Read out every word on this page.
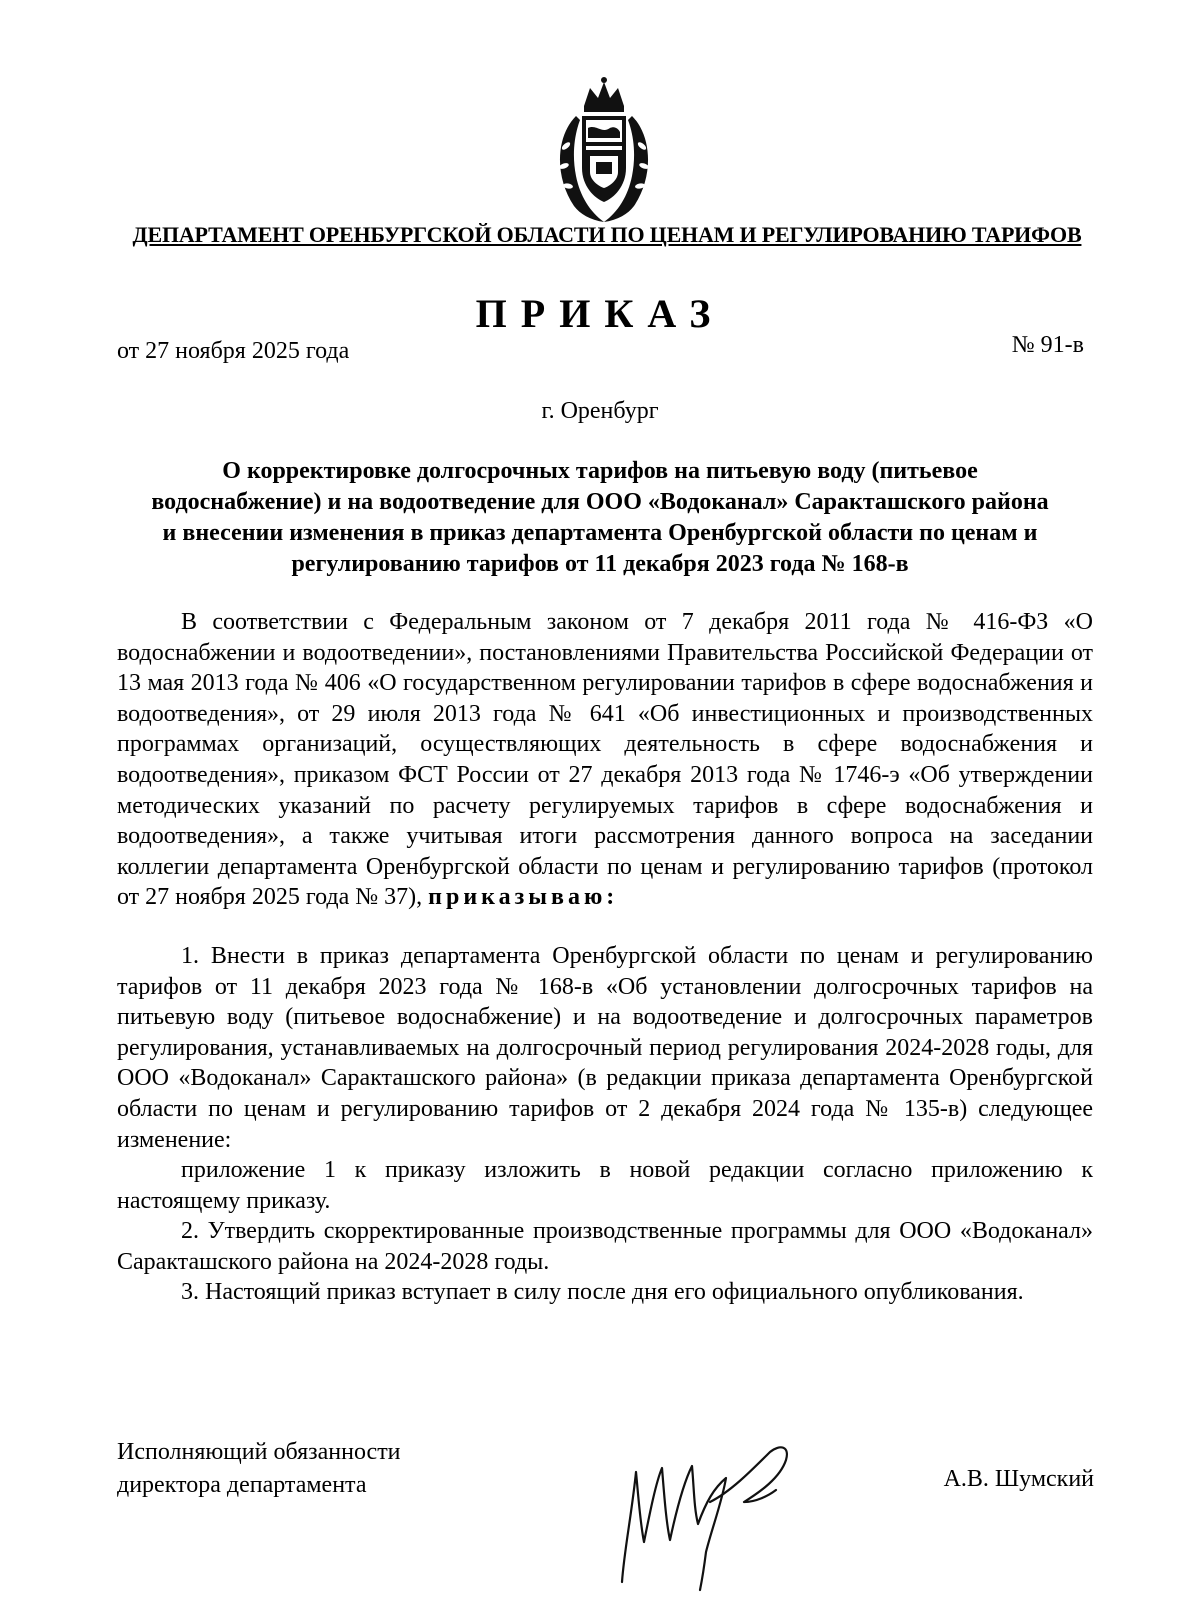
ДЕПАРТАМЕНТ ОРЕНБУРГСКОЙ ОБЛАСТИ ПО ЦЕНАМ И РЕГУЛИРОВАНИЮ ТАРИФОВ
ПРИКАЗ
от 27 ноября 2025 года	№ 91-в
г. Оренбург
О корректировке долгосрочных тарифов на питьевую воду (питьевое водоснабжение) и на водоотведение для ООО «Водоканал» Саракташского района и внесении изменения в приказ департамента Оренбургской области по ценам и регулированию тарифов от 11 декабря 2023 года № 168-в

В соответствии с Федеральным законом от 7 декабря 2011 года № 416-ФЗ «О водоснабжении и водоотведении», постановлениями Правительства Российской Федерации от 13 мая 2013 года № 406 «О государственном регулировании тарифов в сфере водоснабжения и водоотведения», от 29 июля 2013 года № 641 «Об инвестиционных и производственных программах организаций, осуществляющих деятельность в сфере водоснабжения и водоотведения», приказом ФСТ России от 27 декабря 2013 года № 1746-э «Об утверждении методических указаний по расчету регулируемых тарифов в сфере водоснабжения и водоотведения», а также учитывая итоги рассмотрения данного вопроса на заседании коллегии департамента Оренбургской области по ценам и регулированию тарифов (протокол от 27 ноября 2025 года № 37), приказываю:

1. Внести в приказ департамента Оренбургской области по ценам и регулированию тарифов от 11 декабря 2023 года № 168-в «Об установлении долгосрочных тарифов на питьевую воду (питьевое водоснабжение) и на водоотведение и долгосрочных параметров регулирования, устанавливаемых на долгосрочный период регулирования 2024-2028 годы, для ООО «Водоканал» Саракташского района» (в редакции приказа департамента Оренбургской области по ценам и регулированию тарифов от 2 декабря 2024 года № 135-в) следующее изменение:

приложение 1 к приказу изложить в новой редакции согласно приложению к настоящему приказу.

2. Утвердить скорректированные производственные программы для ООО «Водоканал» Саракташского района на 2024-2028 годы.

3. Настоящий приказ вступает в силу после дня его официального опубликования.

Исполняющий обязанности
директора департамента	А.В. Шумский
